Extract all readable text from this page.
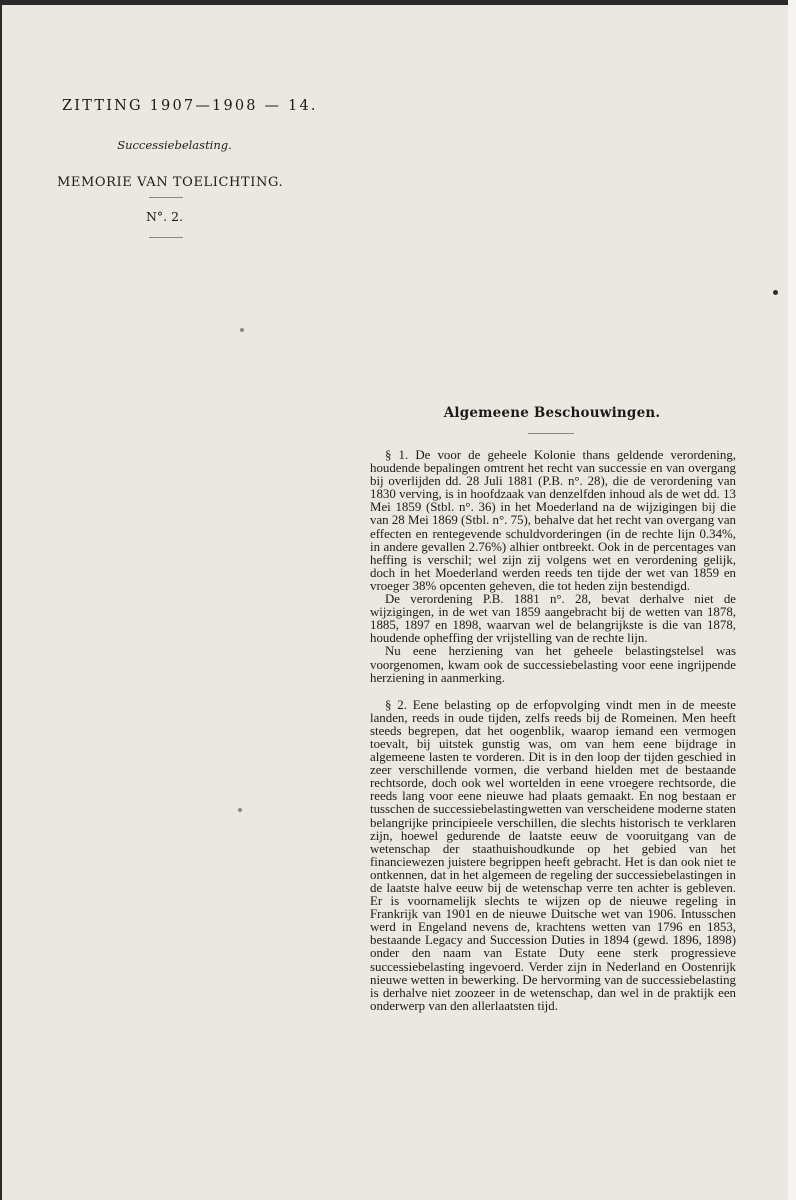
ZITTING 1907—1908 — 14.
Successiebelasting.
MEMORIE VAN TOELICHTING.
N°. 2.
Algemeene Beschouwingen.

§ 1. De voor de geheele Kolonie thans geldende verordening, houdende bepalingen omtrent het recht van successie en van overgang bij overlijden dd. 28 Juli 1881 (P.B. n°. 28), die de verordening van 1830 verving, is in hoofdzaak van denzelfden inhoud als de wet dd. 13 Mei 1859 (Stbl. n°. 36) in het Moederland na de wijzigingen bij die van 28 Mei 1869 (Stbl. n°. 75), behalve dat het recht van overgang van effecten en rentegevende schuldvorderingen (in de rechte lijn 0.34%, in andere gevallen 2.76%) alhier ontbreekt. Ook in de percentages van heffing is verschil; wel zijn zij volgens wet en verordening gelijk, doch in het Moederland werden reeds ten tijde der wet van 1859 en vroeger 38% opcenten geheven, die tot heden zijn bestendigd.

De verordening P.B. 1881 n°. 28, bevat derhalve niet de wijzigingen, in de wet van 1859 aangebracht bij de wetten van 1878, 1885, 1897 en 1898, waarvan wel de belangrijkste is die van 1878, houdende opheffing der vrijstelling van de rechte lijn.

Nu eene herziening van het geheele belastingstelsel was voorgenomen, kwam ook de successiebelasting voor eene ingrijpende herziening in aanmerking.

§ 2. Eene belasting op de erfopvolging vindt men in de meeste landen, reeds in oude tijden, zelfs reeds bij de Romeinen. Men heeft steeds begrepen, dat het oogenblik, waarop iemand een vermogen toevalt, bij uitstek gunstig was, om van hem eene bijdrage in algemeene lasten te vorderen. Dit is in den loop der tijden geschied in zeer verschillende vormen, die verband hielden met de bestaande rechtsorde, doch ook wel wortelden in eene vroegere rechtsorde, die reeds lang voor eene nieuwe had plaats gemaakt. En nog bestaan er tusschen de successiebelastingwetten van verscheidene moderne staten belangrijke principieele verschillen, die slechts historisch te verklaren zijn, hoewel gedurende de laatste eeuw de vooruitgang van de wetenschap der staathuishoudkunde op het gebied van het financiewezen juistere begrippen heeft gebracht. Het is dan ook niet te ontkennen, dat in het algemeen de regeling der successiebelastingen in de laatste halve eeuw bij de wetenschap verre ten achter is gebleven. Er is voornamelijk slechts te wijzen op de nieuwe regeling in Frankrijk van 1901 en de nieuwe Duitsche wet van 1906. Intusschen werd in Engeland nevens de, krachtens wetten van 1796 en 1853, bestaande Legacy and Succession Duties in 1894 (gewd. 1896, 1898) onder den naam van Estate Duty eene sterk progressieve successiebelasting ingevoerd. Verder zijn in Nederland en Oostenrijk nieuwe wetten in bewerking. De hervorming van de successiebelasting is derhalve niet zoozeer in de wetenschap, dan wel in de praktijk een onderwerp van den allerlaatsten tijd.
